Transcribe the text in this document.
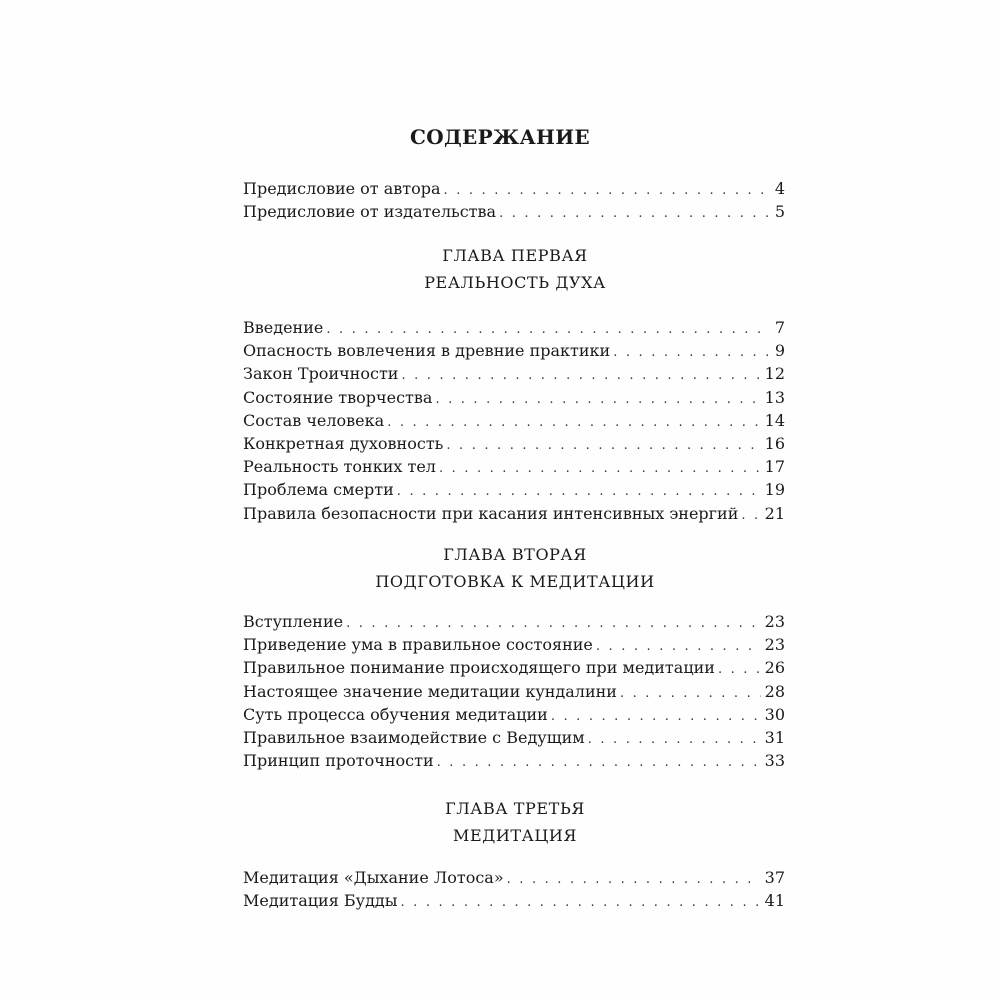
СОДЕРЖАНИЕ
Предисловие от автора . . .	4
Предисловие от издательства . . .	5
ГЛАВА ПЕРВАЯ
РЕАЛЬНОСТЬ ДУХА
Введение . . .	7
Опасность вовлечения в древние практики . . .	9
Закон Троичности . . .	12
Состояние творчества . . .	13
Состав человека . . .	14
Конкретная духовность . . .	16
Реальность тонких тел . . .	17
Проблема смерти . . .	19
Правила безопасности при касания интенсивных энергий . . . 21
ГЛАВА ВТОРАЯ
ПОДГОТОВКА К МЕДИТАЦИИ
Вступление . . .	23
Приведение ума в правильное состояние . . .	23
Правильное понимание происходящего при медитации . . .	26
Настоящее значение медитации кундалини . . .	28
Суть процесса обучения медитации . . .	30
Правильное взаимодействие с Ведущим . . .	31
Принцип проточности . . .	33
ГЛАВА ТРЕТЬЯ
МЕДИТАЦИЯ
Медитация «Дыхание Лотоса» . . .	37
Медитация Будды . . .	41
